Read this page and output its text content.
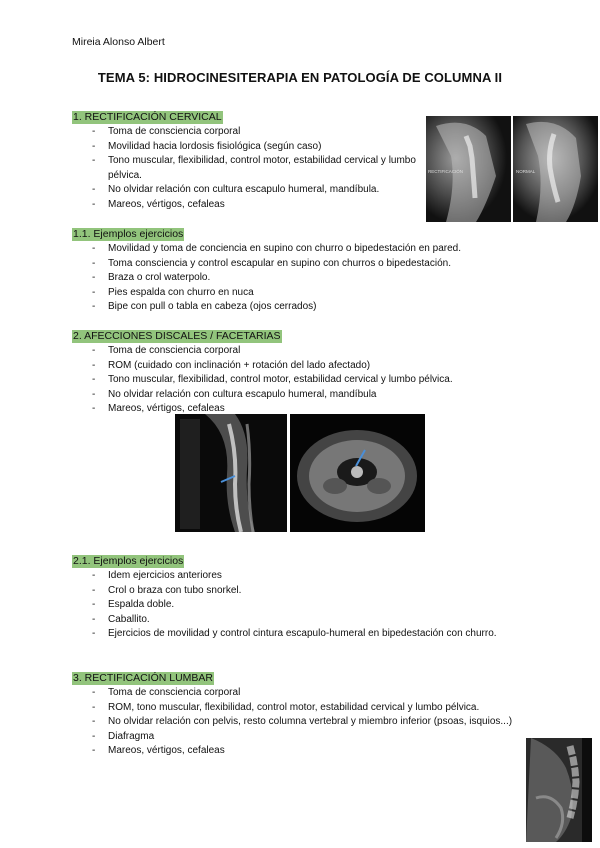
Mireia Alonso Albert
TEMA 5: HIDROCINESITERAPIA EN PATOLOGÍA DE COLUMNA II
1. RECTIFICACIÓN CERVICAL
- Toma de consciencia corporal
- Movilidad hacia lordosis fisiológica (según caso)
- Tono muscular, flexibilidad, control motor, estabilidad cervical y lumbo pélvica.
- No olvidar relación con cultura escapulo humeral, mandíbula.
- Mareos, vértigos, cefaleas
1.1. Ejemplos ejercicios
- Movilidad y toma de conciencia en supino con churro o bipedestación en pared.
- Toma consciencia y control escapular en supino con churros o bipedestación.
- Braza o crol waterpolo.
- Pies espalda con churro en nuca
- Bipe con pull o tabla en cabeza (ojos cerrados)
2. AFECCIONES DISCALES / FACETARIAS
- Toma de consciencia corporal
- ROM (cuidado con inclinación + rotación del lado afectado)
- Tono muscular, flexibilidad, control motor, estabilidad cervical y lumbo pélvica.
- No olvidar relación con cultura escapulo humeral, mandíbula
- Mareos, vértigos, cefaleas
2.1. Ejemplos ejercicios
- Idem ejercicios anteriores
- Crol o braza con tubo snorkel.
- Espalda doble.
- Caballito.
- Ejercicios de movilidad y control cintura escapulo-humeral en bipedestación con churro.
3. RECTIFICACIÓN LUMBAR
- Toma de consciencia corporal
- ROM, tono muscular, flexibilidad, control motor, estabilidad cervical y lumbo pélvica.
- No olvidar relación con pelvis, resto columna vertebral y miembro inferior (psoas, isquios...)
- Diafragma
- Mareos, vértigos, cefaleas
RECTIFICACIÓN	NORMAL
